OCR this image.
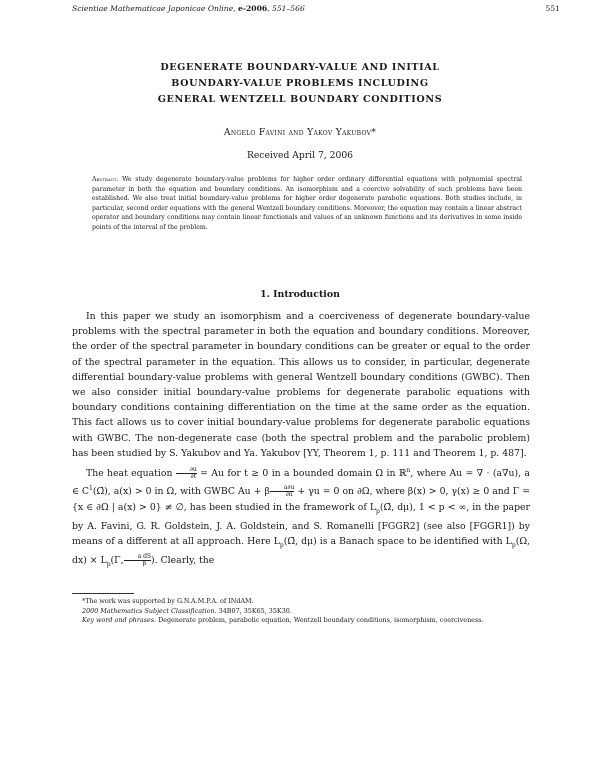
Scientiae Mathematicae Japonicae Online, e-2006, 551–566	551
DEGENERATE BOUNDARY-VALUE AND INITIAL
BOUNDARY-VALUE PROBLEMS INCLUDING
GENERAL WENTZELL BOUNDARY CONDITIONS
Angelo Favini and Yakov Yakubov*
Received April 7, 2006
Abstract. We study degenerate boundary-value problems for higher order ordinary differential equations with polynomial spectral parameter in both the equation and boundary conditions. An isomorphism and a coercive solvability of such problems have been established. We also treat initial boundary-value problems for higher order degenerate parabolic equations. Both studies include, in particular, second order equations with the general Wentzell boundary conditions. Moreover, the equation may contain a linear abstract operator and boundary conditions may contain linear functionals and values of an unknown functions and its derivatives in some inside points of the interval of the problem.
1. Introduction

In this paper we study an isomorphism and a coerciveness of degenerate boundary-value problems with the spectral parameter in both the equation and boundary conditions. Moreover, the order of the spectral parameter in boundary conditions can be greater or equal to the order of the spectral parameter in the equation. This allows us to consider, in particular, degenerate differential boundary-value problems with general Wentzell boundary conditions (GWBC). Then we also consider initial boundary-value problems for degenerate parabolic equations with boundary conditions containing differentiation on the time at the same order as the equation. This fact allows us to cover initial boundary-value problems for degenerate parabolic equations with GWBC. The non-degenerate case (both the spectral problem and the parabolic problem) has been studied by S. Yakubov and Ya. Yakubov [YY, Theorem 1, p. 111 and Theorem 1, p. 487].

The heat equation $\frac{\partial u}{\partial t} = Au$ for t ≥ 0 in a bounded domain Ω in ℝ$^n$, where Au = ∇ · (a∇u), a ∈ $C^1(\Omegā)$, a(x) > 0 in Ω, with GWBC Au + β $\frac{a\partial u}{\partial n} + \gamma u = 0$ on ∂Ω, where β(x) > 0, γ(x) ≥ 0 and Γ = {x ∈ ∂Ω | a(x) > 0} ≠ ∅, has been studied in the framework of $L_p(\Omegā$, dμ), 1 < p < ∞, in the paper by A. Favini, G. R. Goldstein, J. A. Goldstein, and S. Romanelli [FGGR2] (see also [FGGR1]) by means of a different at all approach. Here $L_p(\Omegā$, dμ) is a Banach space to be identified with $L_p(\Omega$, $dx) \times L_p(\Gamma$, $\frac{\text{a dS}}{\beta}$ ). Clearly, the

*The work was supported by G.N.A.M.P.A. of INdAM.
2000 Mathematics Subject Classification. 34B07, 35K65, 35K30.
Key word and phrases. Degenerate problem, parabolic equation, Wentzell boundary conditions, isomorphism, coerciveness.
